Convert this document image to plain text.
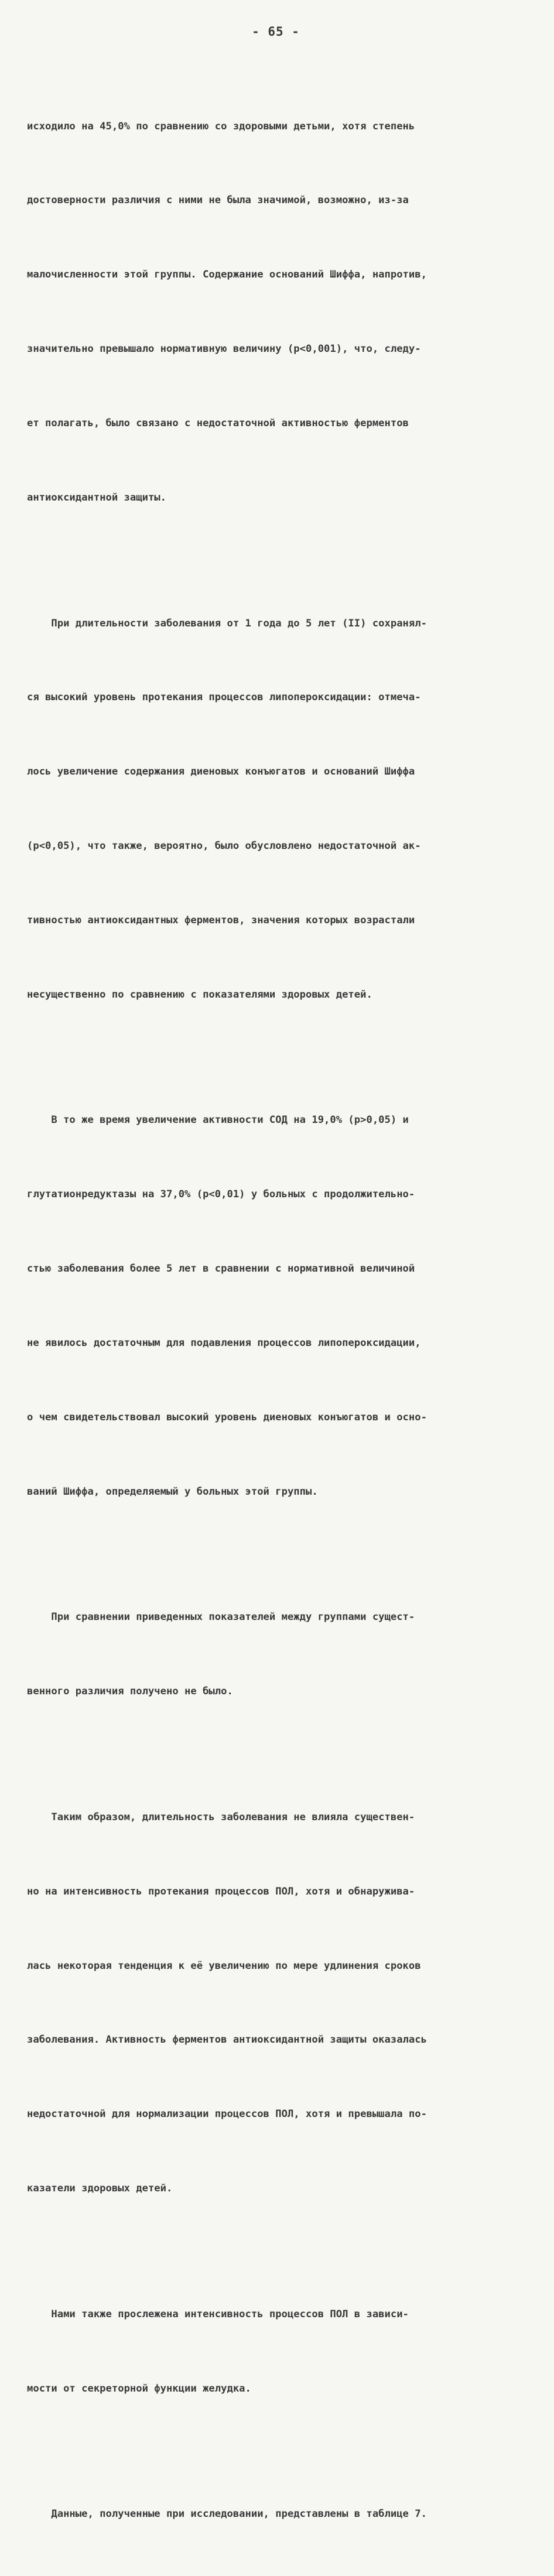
- 65 -

исходило на 45,0% по сравнению со здоровыми детьми, хотя степень

достоверности различия с ними не была значимой, возможно, из-за

малочисленности этой группы. Содержание оснований Шиффа, напротив,

значительно превышало нормативную величину (р<0,001), что, следу-

ет полагать, было связано с недостаточной активностью ферментов

антиоксидантной защиты.

При длительности заболевания от 1 года до 5 лет (II) сохранял-

ся высокий уровень протекания процессов липопероксидации: отмеча-

лось увеличение содержания диеновых конъюгатов и оснований Шиффа

(р<0,05), что также, вероятно, было обусловлено недостаточной ак-

тивностью антиоксидантных ферментов, значения которых возрастали

несущественно по сравнению с показателями здоровых детей.

В то же время увеличение активности СОД на 19,0% (р>0,05) и

глутатионредуктазы на 37,0% (р<0,01) у больных с продолжительно-

стью заболевания более 5 лет в сравнении с нормативной величиной

не явилось достаточным для подавления процессов липопероксидации,

о чем свидетельствовал высокий уровень диеновых конъюгатов и осно-

ваний Шиффа, определяемый у больных этой группы.

При сравнении приведенных показателей между группами сущест-

венного различия получено не было.

Таким образом, длительность заболевания не влияла существен-

но на интенсивность протекания процессов ПОЛ, хотя и обнаружива-

лась некоторая тенденция к её увеличению по мере удлинения сроков

заболевания. Активность ферментов антиоксидантной защиты оказалась

недостаточной для нормализации процессов ПОЛ, хотя и превышала по-

казатели здоровых детей.

Нами также прослежена интенсивность процессов ПОЛ в зависи-

мости от секреторной функции желудка.

Данные, полученные при исследовании, представлены в таблице 7.
